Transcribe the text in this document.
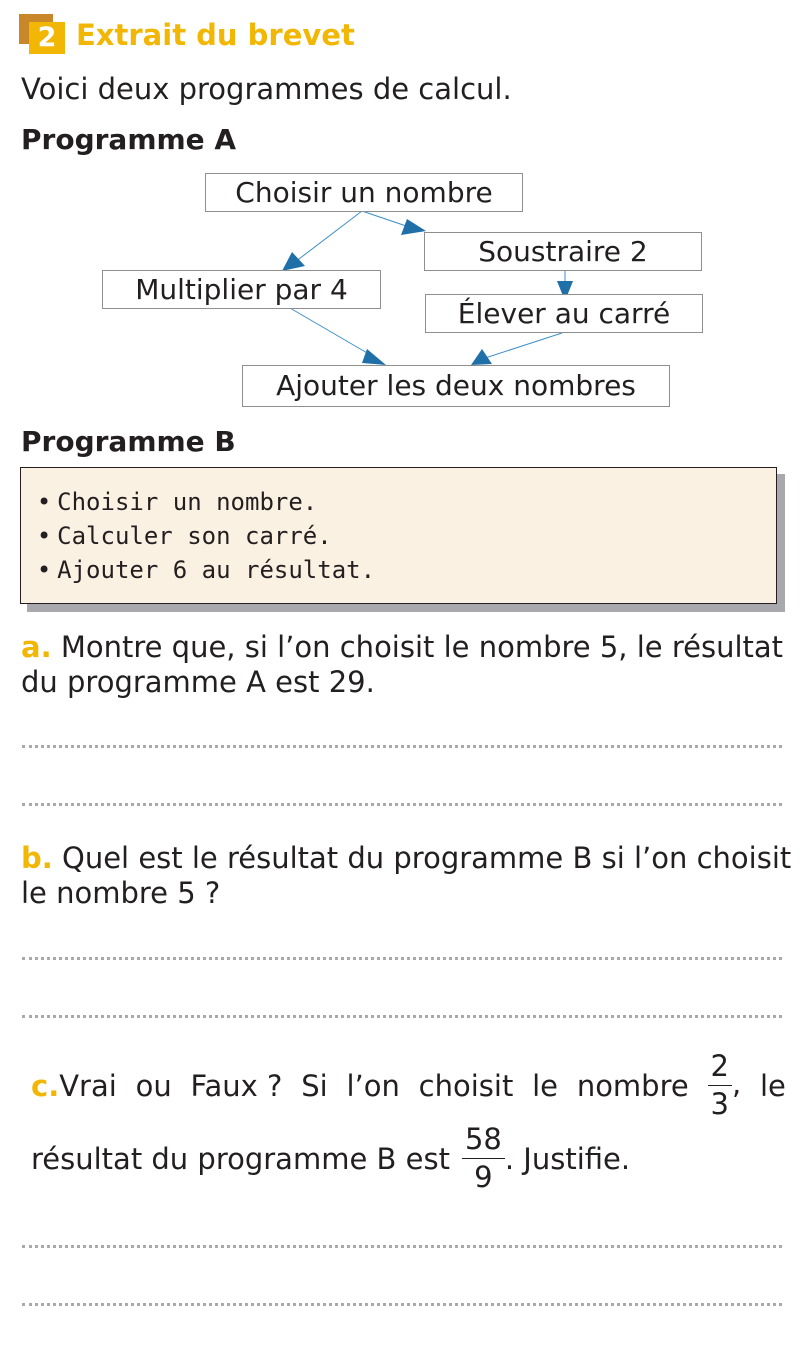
2 Extrait du brevet
Voici deux programmes de calcul.
Programme A
Choisir un nombre
Soustraire 2
Multiplier par 4
Élever au carré
Ajouter les deux nombres
Programme B
• Choisir un nombre.
• Calculer son carré.
• Ajouter 6 au résultat.
a. Montre que, si l’on choisit le nombre 5, le résultat
du programme A est 29.
b. Quel est le résultat du programme B si l’on choisit
le nombre 5 ?
c.Vrai ou Faux ? Si l’on choisit le nombre $\frac{2}{3}$ , le
résultat du programme B est $\frac{58}{9}$ . Justifie.
